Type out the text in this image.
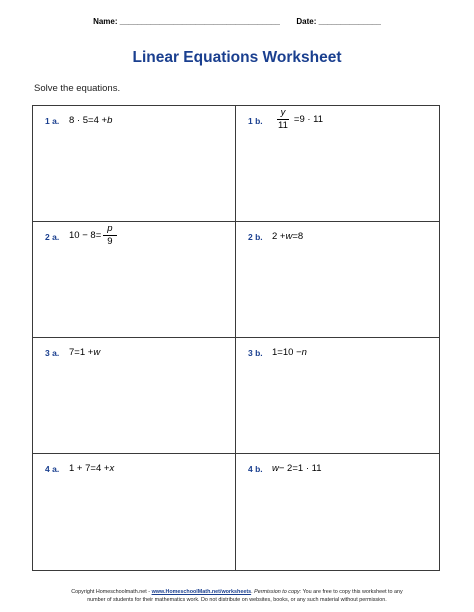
Name: ____________________________________ Date: ______________
Linear Equations Worksheet
Solve the equations.
1 a. 8 · 5 = 4 + b	1 b. $\frac{y}{11} = 9 \cdot 11$
2 a. $10 - 8 = \frac{p}{9}$	2 b. 2 + w = 8
3 a. 7 = 1 + w	3 b. 1 = 10 − n
4 a. 1 + 7 = 4 + x	4 b. w − 2 = 1 · 11
Copyright Homeschoolmath.net - www.HomeschoolMath.net/worksheets. Permission to copy: You are free to copy this worksheet to any
number of students for their mathematics work. Do not distribute on websites, books, or any such material without permission.
